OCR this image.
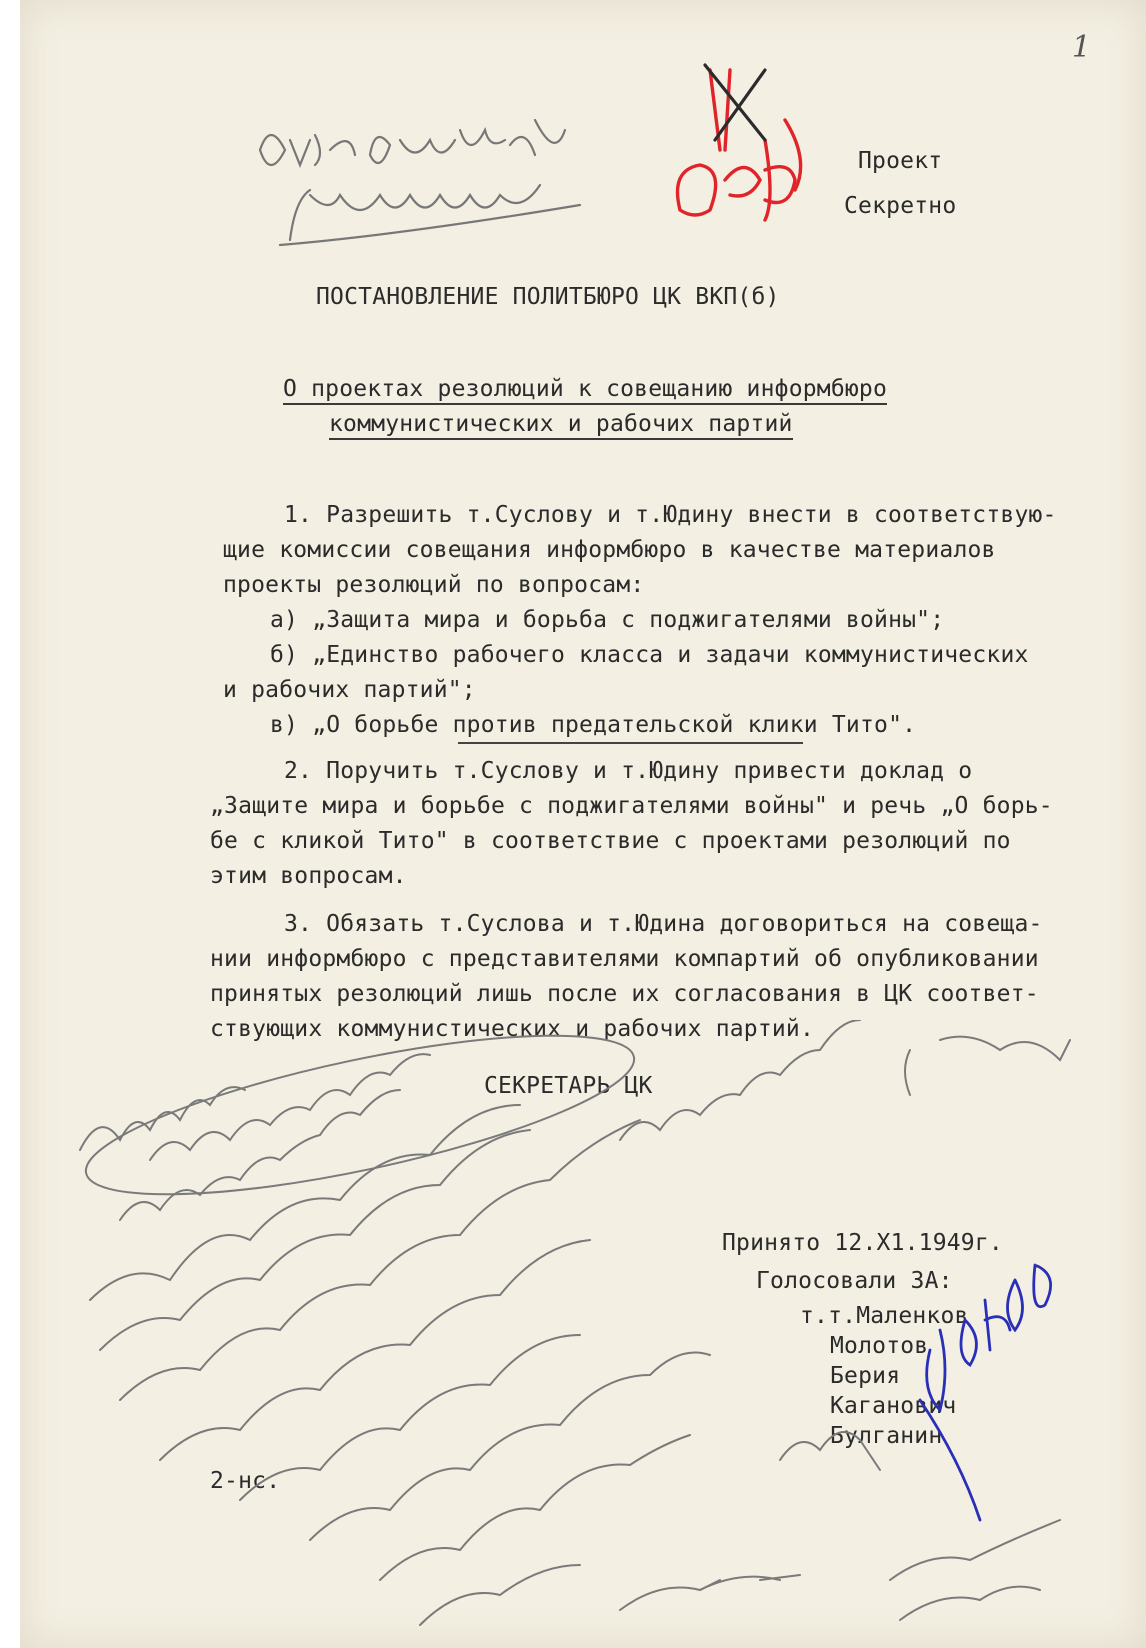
1
Проект
Секретно
ПОСТАНОВЛЕНИЕ ПОЛИТБЮРО ЦК ВКП(б)
О проектах резолюций к совещанию информбюро
коммунистических и рабочих партий
1. Разрешить т.Суслову и т.Юдину внести в соответствую-
щие комиссии совещания информбюро в качестве материалов
проекты резолюций по вопросам:
а) „Защита мира и борьба с поджигателями войны";
б) „Единство рабочего класса и задачи коммунистических
и рабочих партий";
в) „О борьбе против предательской клики Тито".
2. Поручить т.Суслову и т.Юдину привести доклад о
„Защите мира и борьбе с поджигателями войны" и речь „О борь-
бе с кликой Тито" в соответствие с проектами резолюций по
этим вопросам.
3. Обязать т.Суслова и т.Юдина договориться на совеща-
нии информбюро с представителями компартий об опубликовании
принятых резолюций лишь после их согласования в ЦК соответ-
ствующих коммунистических и рабочих партий.
СЕКРЕТАРЬ ЦК
Принято 12.Х1.1949г.
Голосовали ЗА:
т.т.Маленков
Молотов
Берия
Каганович
Булганин
2-нс.
